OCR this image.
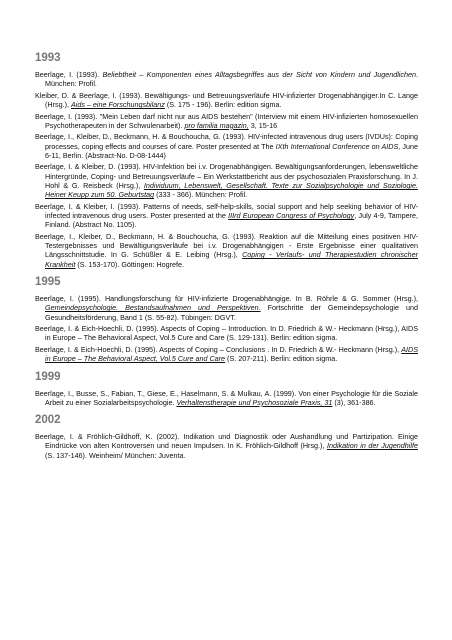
1993

Beerlage, I. (1993). Beliebtheit – Komponenten eines Alltagsbegriffes aus der Sicht von Kindern und Jugendlichen. München: Profil.

Kleiber, D. & Beerlage, I. (1993). Bewältigungs- und Betreuungsverläufe HIV-infizierter Drogenabhängiger.In C. Lange (Hrsg.), Aids – eine Forschungsbilanz (S. 175 - 196). Berlin: edition sigma.

Beerlage, I. (1993). "Mein Leben darf nicht nur aus AIDS bestehen" (Interview mit einem HIV-infizierten homosexuellen Psychotherapeuten in der Schwulenarbeit). pro familia magazin, 3, 15-16

Beerlage, I., Kleiber, D., Beckmann, H. & Bouchoucha, G. (1993). HIV-infected intravenous drug users (IVDUs): Coping processes, coping effects and courses of care. Poster presented at The IXth International Conference on AIDS, June 6-11, Berlin. (Abstract-No. D-08-1444)

Beerlage, I. & Kleiber, D. (1993). HIV-Infektion bei i.v. Drogenabhängigen. Bewältigungsanforderungen, lebensweltliche Hintergründe, Coping- und Betreuungsverläufe – Ein Werkstattbericht aus der psychosozialen Praxisforschung. In J. Hohl & G. Reisbeck (Hrsg.), Individuum, Lebenswelt, Gesellschaft. Texte zur Sozialpsychologie und Soziologie. Heiner Keupp zum 50. Geburtstag (333 - 366). München: Profil.

Beerlage, I. & Kleiber, I. (1993). Patterns of needs, self-help-skills, social support and help seeking behavior of HIV-infected intravenous drug users. Poster presented at the IIIrd European Congress of Psychology, July 4-9, Tampere, Finland. (Abstract No. 1105).

Beerlage, I., Kleiber, D., Beckmann, H. & Bouchoucha, G. (1993). Reaktion auf die Mitteilung eines positiven HIV-Testergebnisses und Bewältigungsverläufe bei i.v. Drogenabhängigen - Erste Ergebnisse einer qualitativen Längsschnittstudie. In G. Schüßler & E. Leibing (Hrsg.), Coping - Verlaufs- und Therapiestudien chronischer Krankheit (S. 153-170). Göttingen: Hogrefe.

1995

Beerlage, I. (1995). Handlungsforschung für HIV-infizierte Drogenabhängige. In B. Röhrle & G. Sommer (Hrsg.), Gemeindepsychologie. Bestandsaufnahmen und Perspektiven. Fortschritte der Gemeindepsychologie und Gesundheitsförderung, Band 1 (S. 55-82). Tübingen: DGVT.

Beerlage, I. & Eich-Hoechli, D. (1995). Aspects of Coping – Introduction. In D. Friedrich & W.- Heckmann (Hrsg.), AIDS in Europe – The Behavioral Aspect, Vol.5 Cure and Care (S. 129-131). Berlin: edition sigma.

Beerlage, I. & Eich-Hoechli, D. (1995). Aspects of Coping – Conclusions . In D. Friedrich & W.- Heckmann (Hrsg.), AIDS in Europe – The Behavioral Aspect, Vol.5 Cure and Care (S. 207-211). Berlin: edition sigma.

1999

Beerlage, I., Busse, S., Fabian, T., Giese, E., Haselmann, S. & Mulkau, A. (1999). Von einer Psychologie für die Soziale Arbeit zu einer Sozialarbeitspsychologie. Verhaltenstherapie und Psychosoziale Praxis, 31 (3), 361-386.

2002

Beerlage, I. & Fröhlich-Gildhoff, K. (2002). Indikation und Diagnostik oder Aushandlung und Partizipation. Einige Eindrücke von alten Kontroversen und neuen Impulsen. In K. Fröhlich-Gildhoff (Hrsg.), Indikation in der Jugendhilfe (S. 137-146). Weinheim/ München: Juventa.
